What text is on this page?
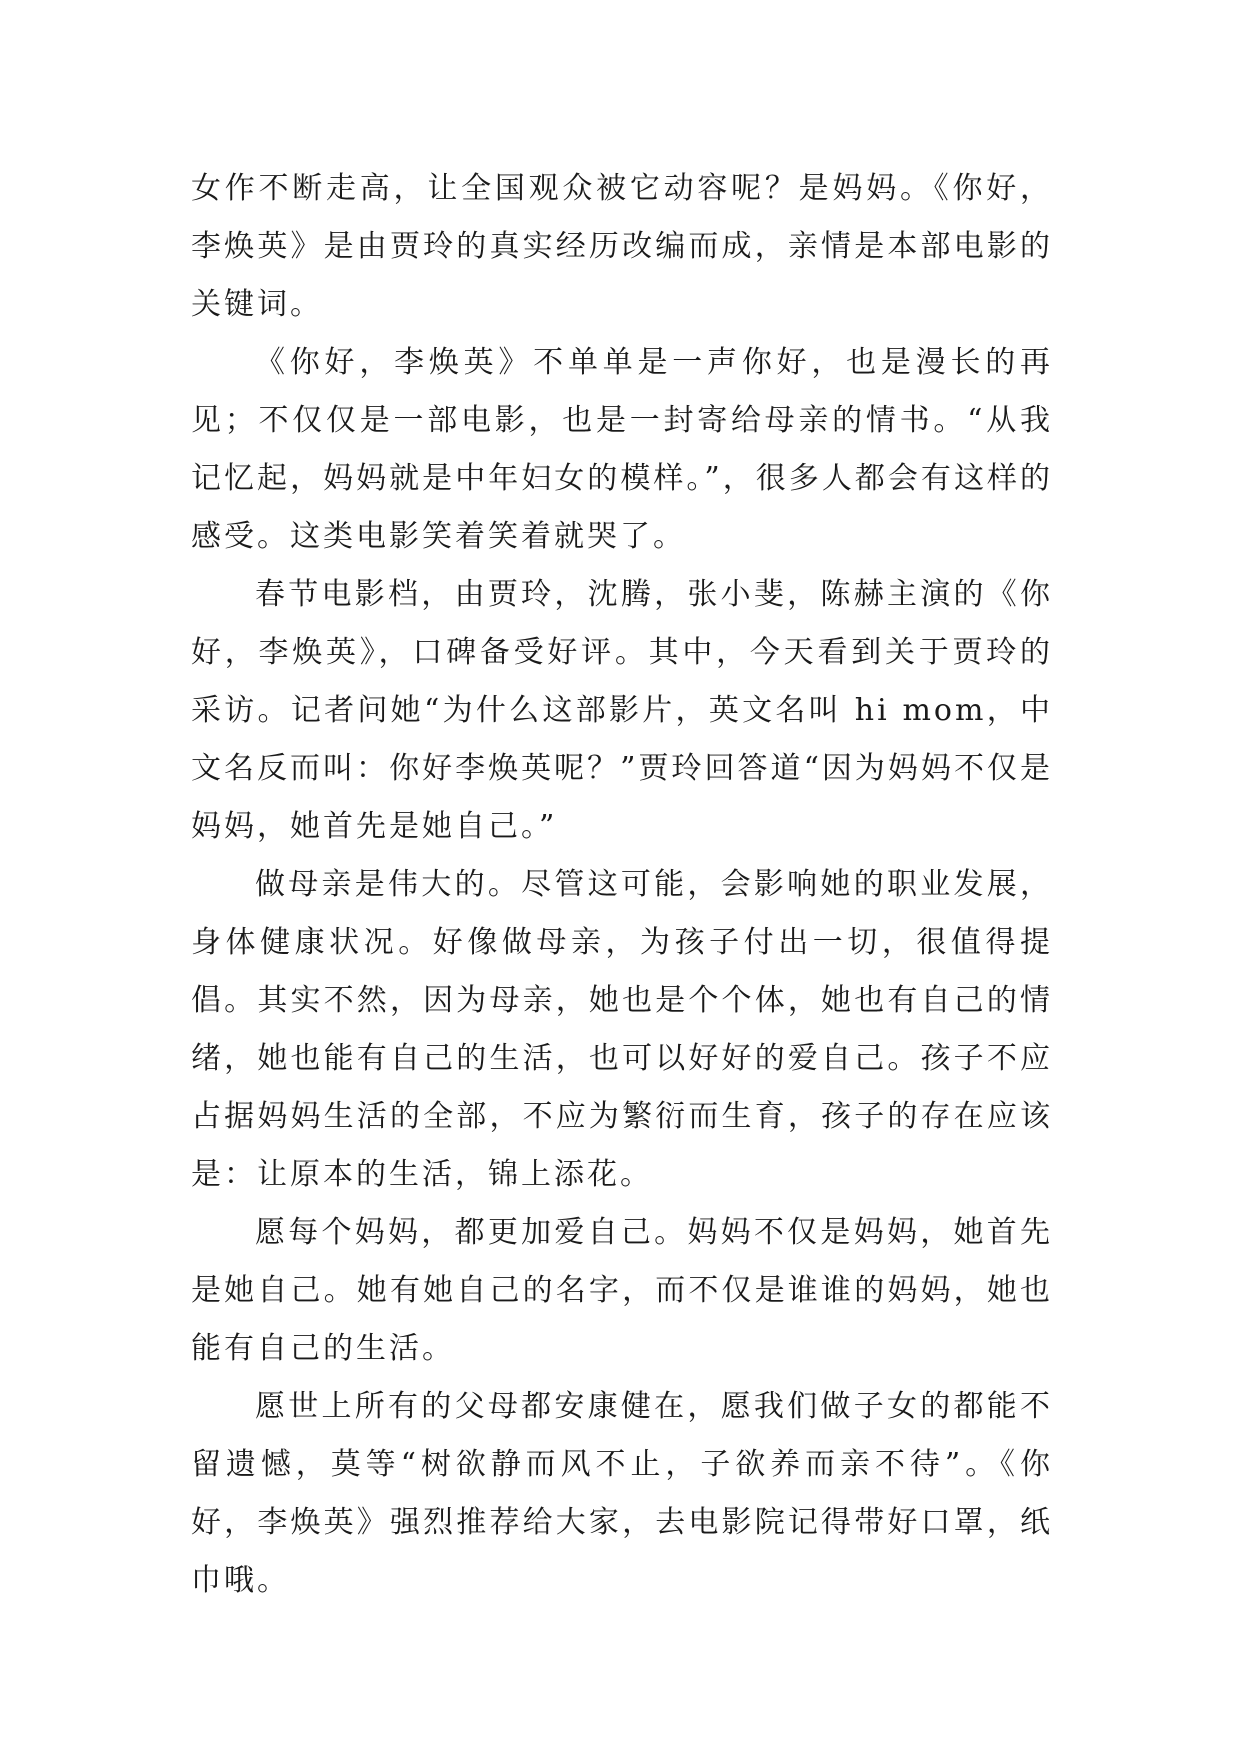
女作不断走高，让全国观众被它动容呢？是妈妈。《你好，李焕英》是由贾玲的真实经历改编而成，亲情是本部电影的关键词。

《你好，李焕英》不单单是一声你好，也是漫长的再见；不仅仅是一部电影，也是一封寄给母亲的情书。“从我记忆起，妈妈就是中年妇女的模样。”，很多人都会有这样的感受。这类电影笑着笑着就哭了。

春节电影档，由贾玲，沈腾，张小斐，陈赫主演的《你好，李焕英》，口碑备受好评。其中，今天看到关于贾玲的采访。记者问她“为什么这部影片，英文名叫 hi mom，中文名反而叫：你好李焕英呢？”贾玲回答道“因为妈妈不仅是妈妈，她首先是她自己。”

做母亲是伟大的。尽管这可能，会影响她的职业发展，身体健康状况。好像做母亲，为孩子付出一切，很值得提倡。其实不然，因为母亲，她也是个个体，她也有自己的情绪，她也能有自己的生活，也可以好好的爱自己。孩子不应占据妈妈生活的全部，不应为繁衍而生育，孩子的存在应该是：让原本的生活，锦上添花。

愿每个妈妈，都更加爱自己。妈妈不仅是妈妈，她首先是她自己。她有她自己的名字，而不仅是谁谁的妈妈，她也能有自己的生活。

愿世上所有的父母都安康健在，愿我们做子女的都能不留遗憾，莫等“树欲静而风不止，子欲养而亲不待”。《你好，李焕英》强烈推荐给大家，去电影院记得带好口罩，纸巾哦。
